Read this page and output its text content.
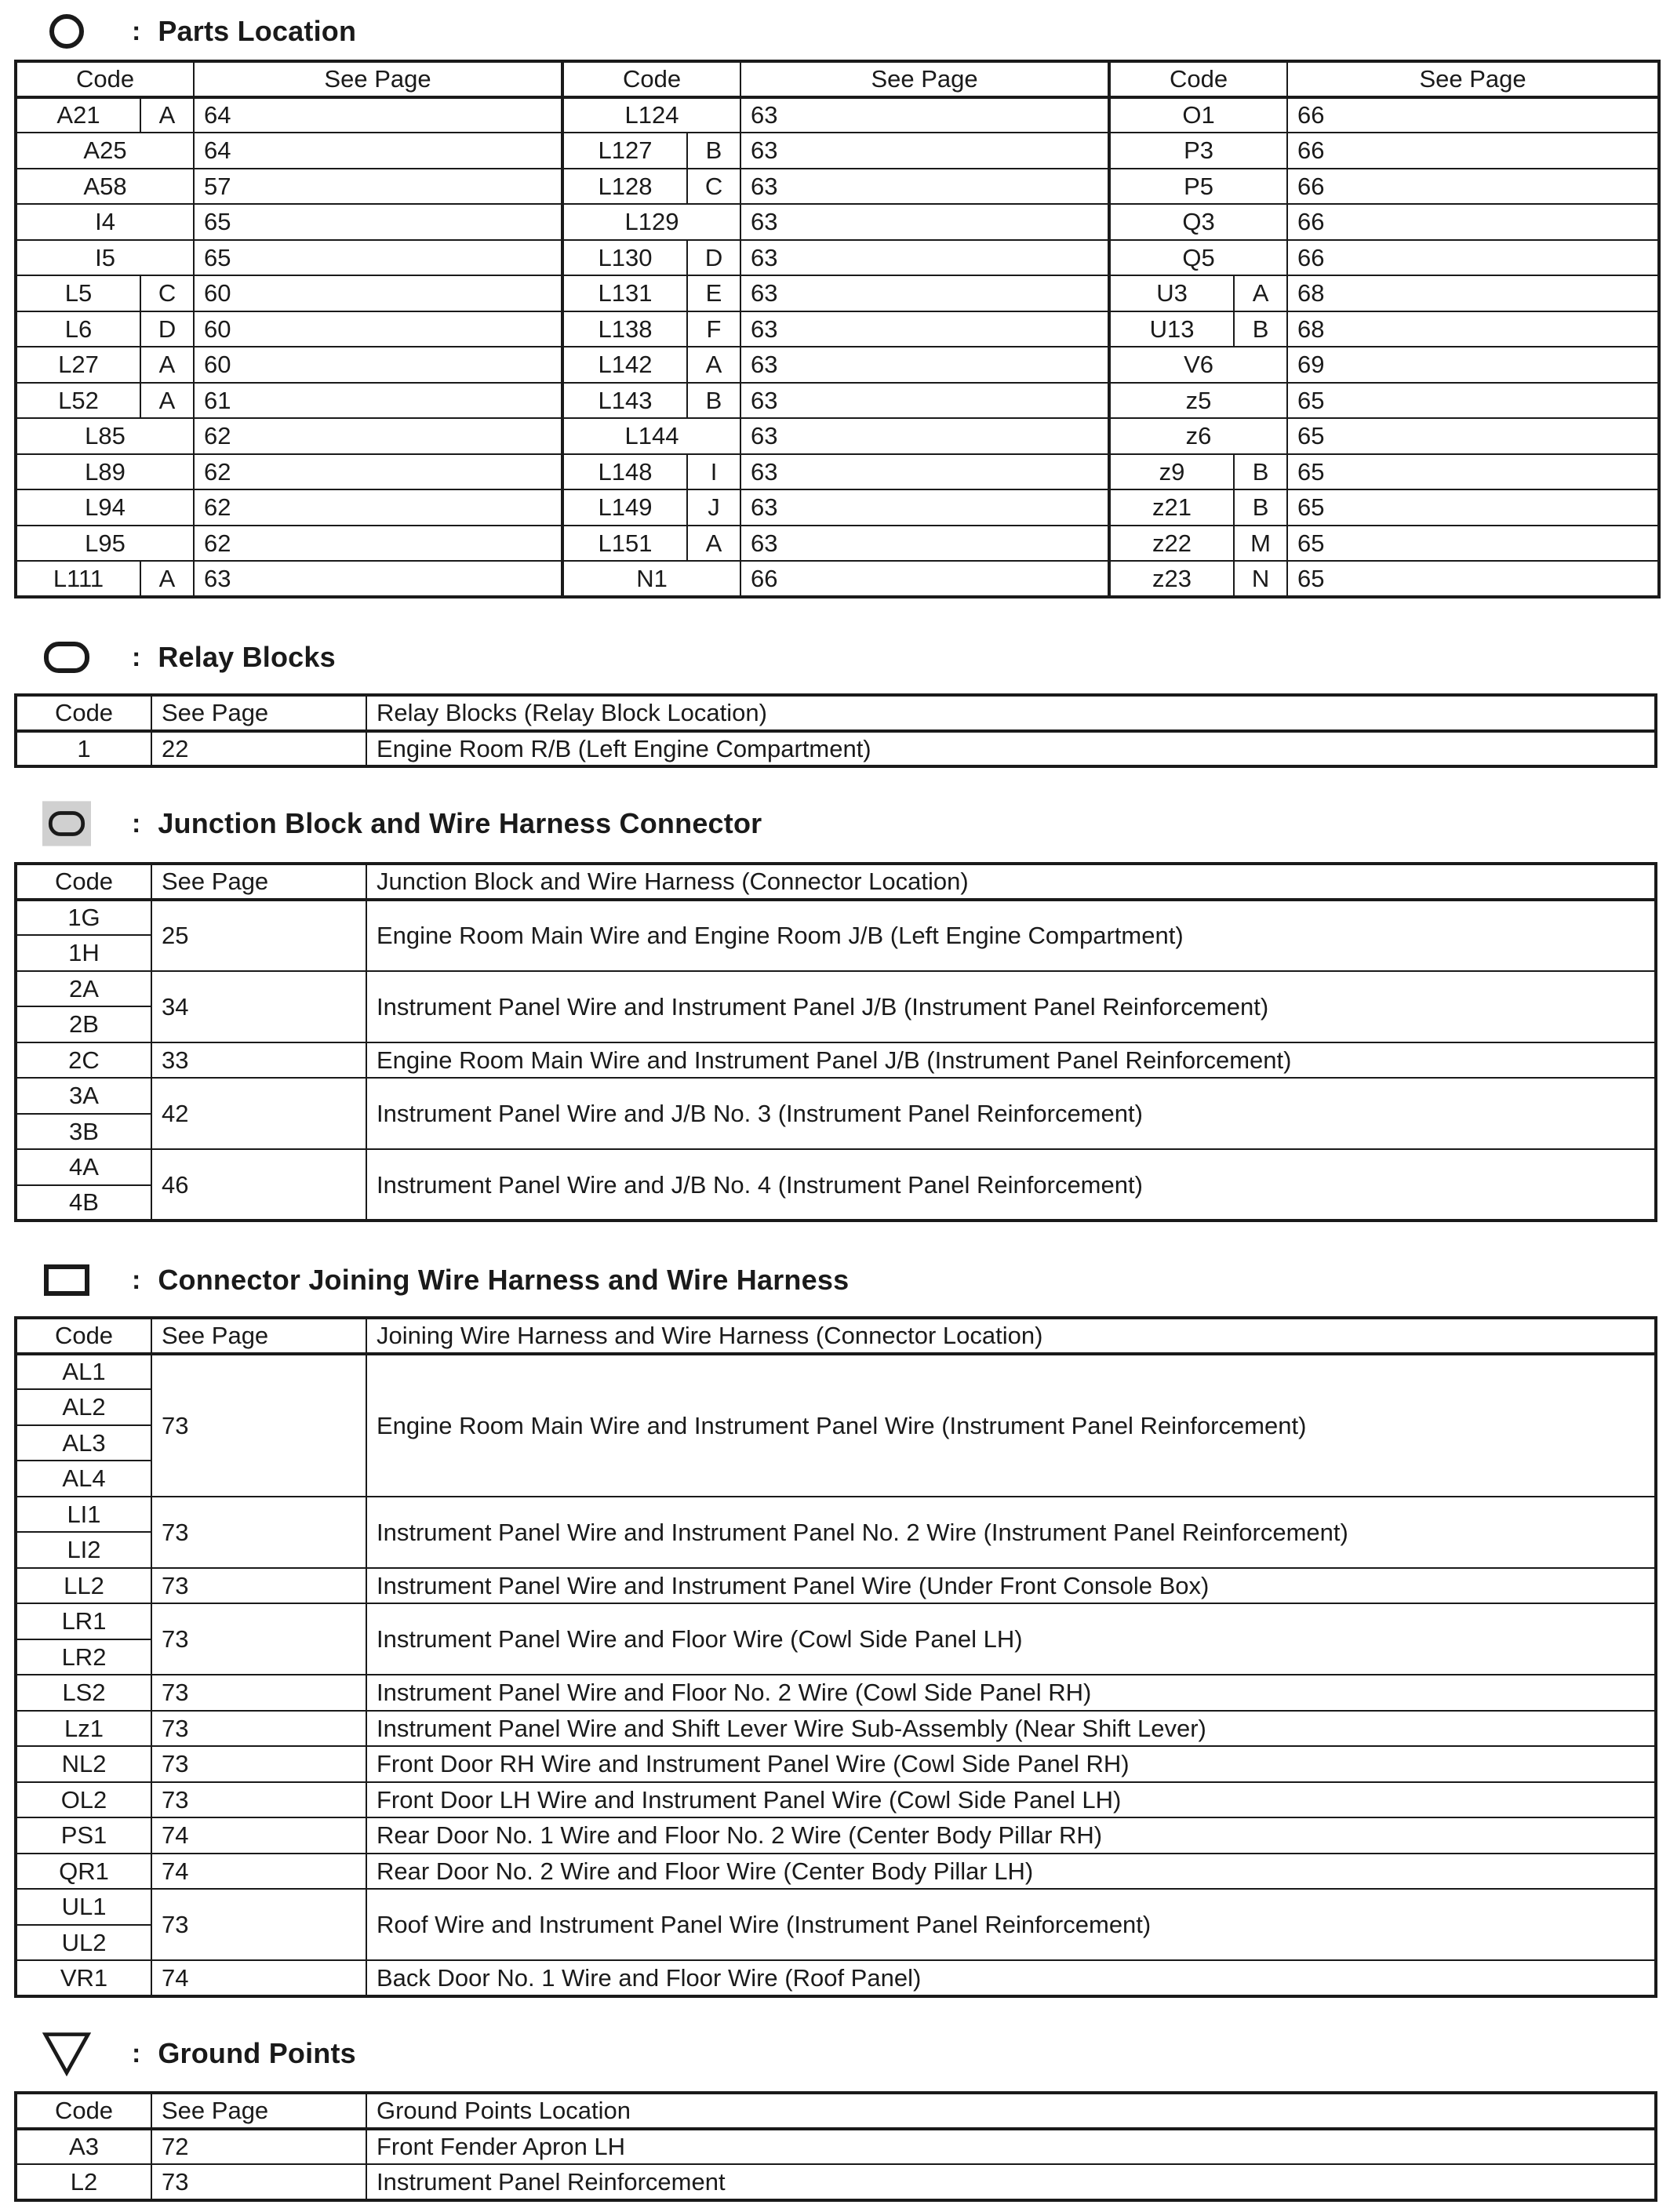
: Parts Location
Code		See Page	Code		See Page	Code		See Page
A21	A	64	L124		63	O1		66
A25		64	L127	B	63	P3		66
A58		57	L128	C	63	P5		66
I4		65	L129		63	Q3		66
I5		65	L130	D	63	Q5		66
L5	C	60	L131	E	63	U3	A	68
L6	D	60	L138	F	63	U13	B	68
L27	A	60	L142	A	63	V6		69
L52	A	61	L143	B	63	z5		65
L85		62	L144		63	z6		65
L89		62	L148	I	63	z9	B	65
L94		62	L149	J	63	z21	B	65
L95		62	L151	A	63	z22	M	65
L111	A	63	N1		66	z23	N	65
: Relay Blocks
Code	See Page	Relay Blocks (Relay Block Location)
1	22	Engine Room R/B (Left Engine Compartment)
: Junction Block and Wire Harness Connector
Code	See Page	Junction Block and Wire Harness (Connector Location)
1G	25	Engine Room Main Wire and Engine Room J/B (Left Engine Compartment)
1H		
2A	34	Instrument Panel Wire and Instrument Panel J/B (Instrument Panel Reinforcement)
2B		
2C	33	Engine Room Main Wire and Instrument Panel J/B (Instrument Panel Reinforcement)
3A	42	Instrument Panel Wire and J/B No. 3 (Instrument Panel Reinforcement)
3B		
4A	46	Instrument Panel Wire and J/B No. 4 (Instrument Panel Reinforcement)
4B		
: Connector Joining Wire Harness and Wire Harness
Code	See Page	Joining Wire Harness and Wire Harness (Connector Location)
AL1	73	Engine Room Main Wire and Instrument Panel Wire (Instrument Panel Reinforcement)
AL2		
AL3		
AL4		
LI1	73	Instrument Panel Wire and Instrument Panel No. 2 Wire (Instrument Panel Reinforcement)
LI2		
LL2	73	Instrument Panel Wire and Instrument Panel Wire (Under Front Console Box)
LR1	73	Instrument Panel Wire and Floor Wire (Cowl Side Panel LH)
LR2		
LS2	73	Instrument Panel Wire and Floor No. 2 Wire (Cowl Side Panel RH)
Lz1	73	Instrument Panel Wire and Shift Lever Wire Sub-Assembly (Near Shift Lever)
NL2	73	Front Door RH Wire and Instrument Panel Wire (Cowl Side Panel RH)
OL2	73	Front Door LH Wire and Instrument Panel Wire (Cowl Side Panel LH)
PS1	74	Rear Door No. 1 Wire and Floor No. 2 Wire (Center Body Pillar RH)
QR1	74	Rear Door No. 2 Wire and Floor Wire (Center Body Pillar LH)
UL1	73	Roof Wire and Instrument Panel Wire (Instrument Panel Reinforcement)
UL2		
VR1	74	Back Door No. 1 Wire and Floor Wire (Roof Panel)
: Ground Points
Code	See Page	Ground Points Location
A3	72	Front Fender Apron LH
L2	73	Instrument Panel Reinforcement
